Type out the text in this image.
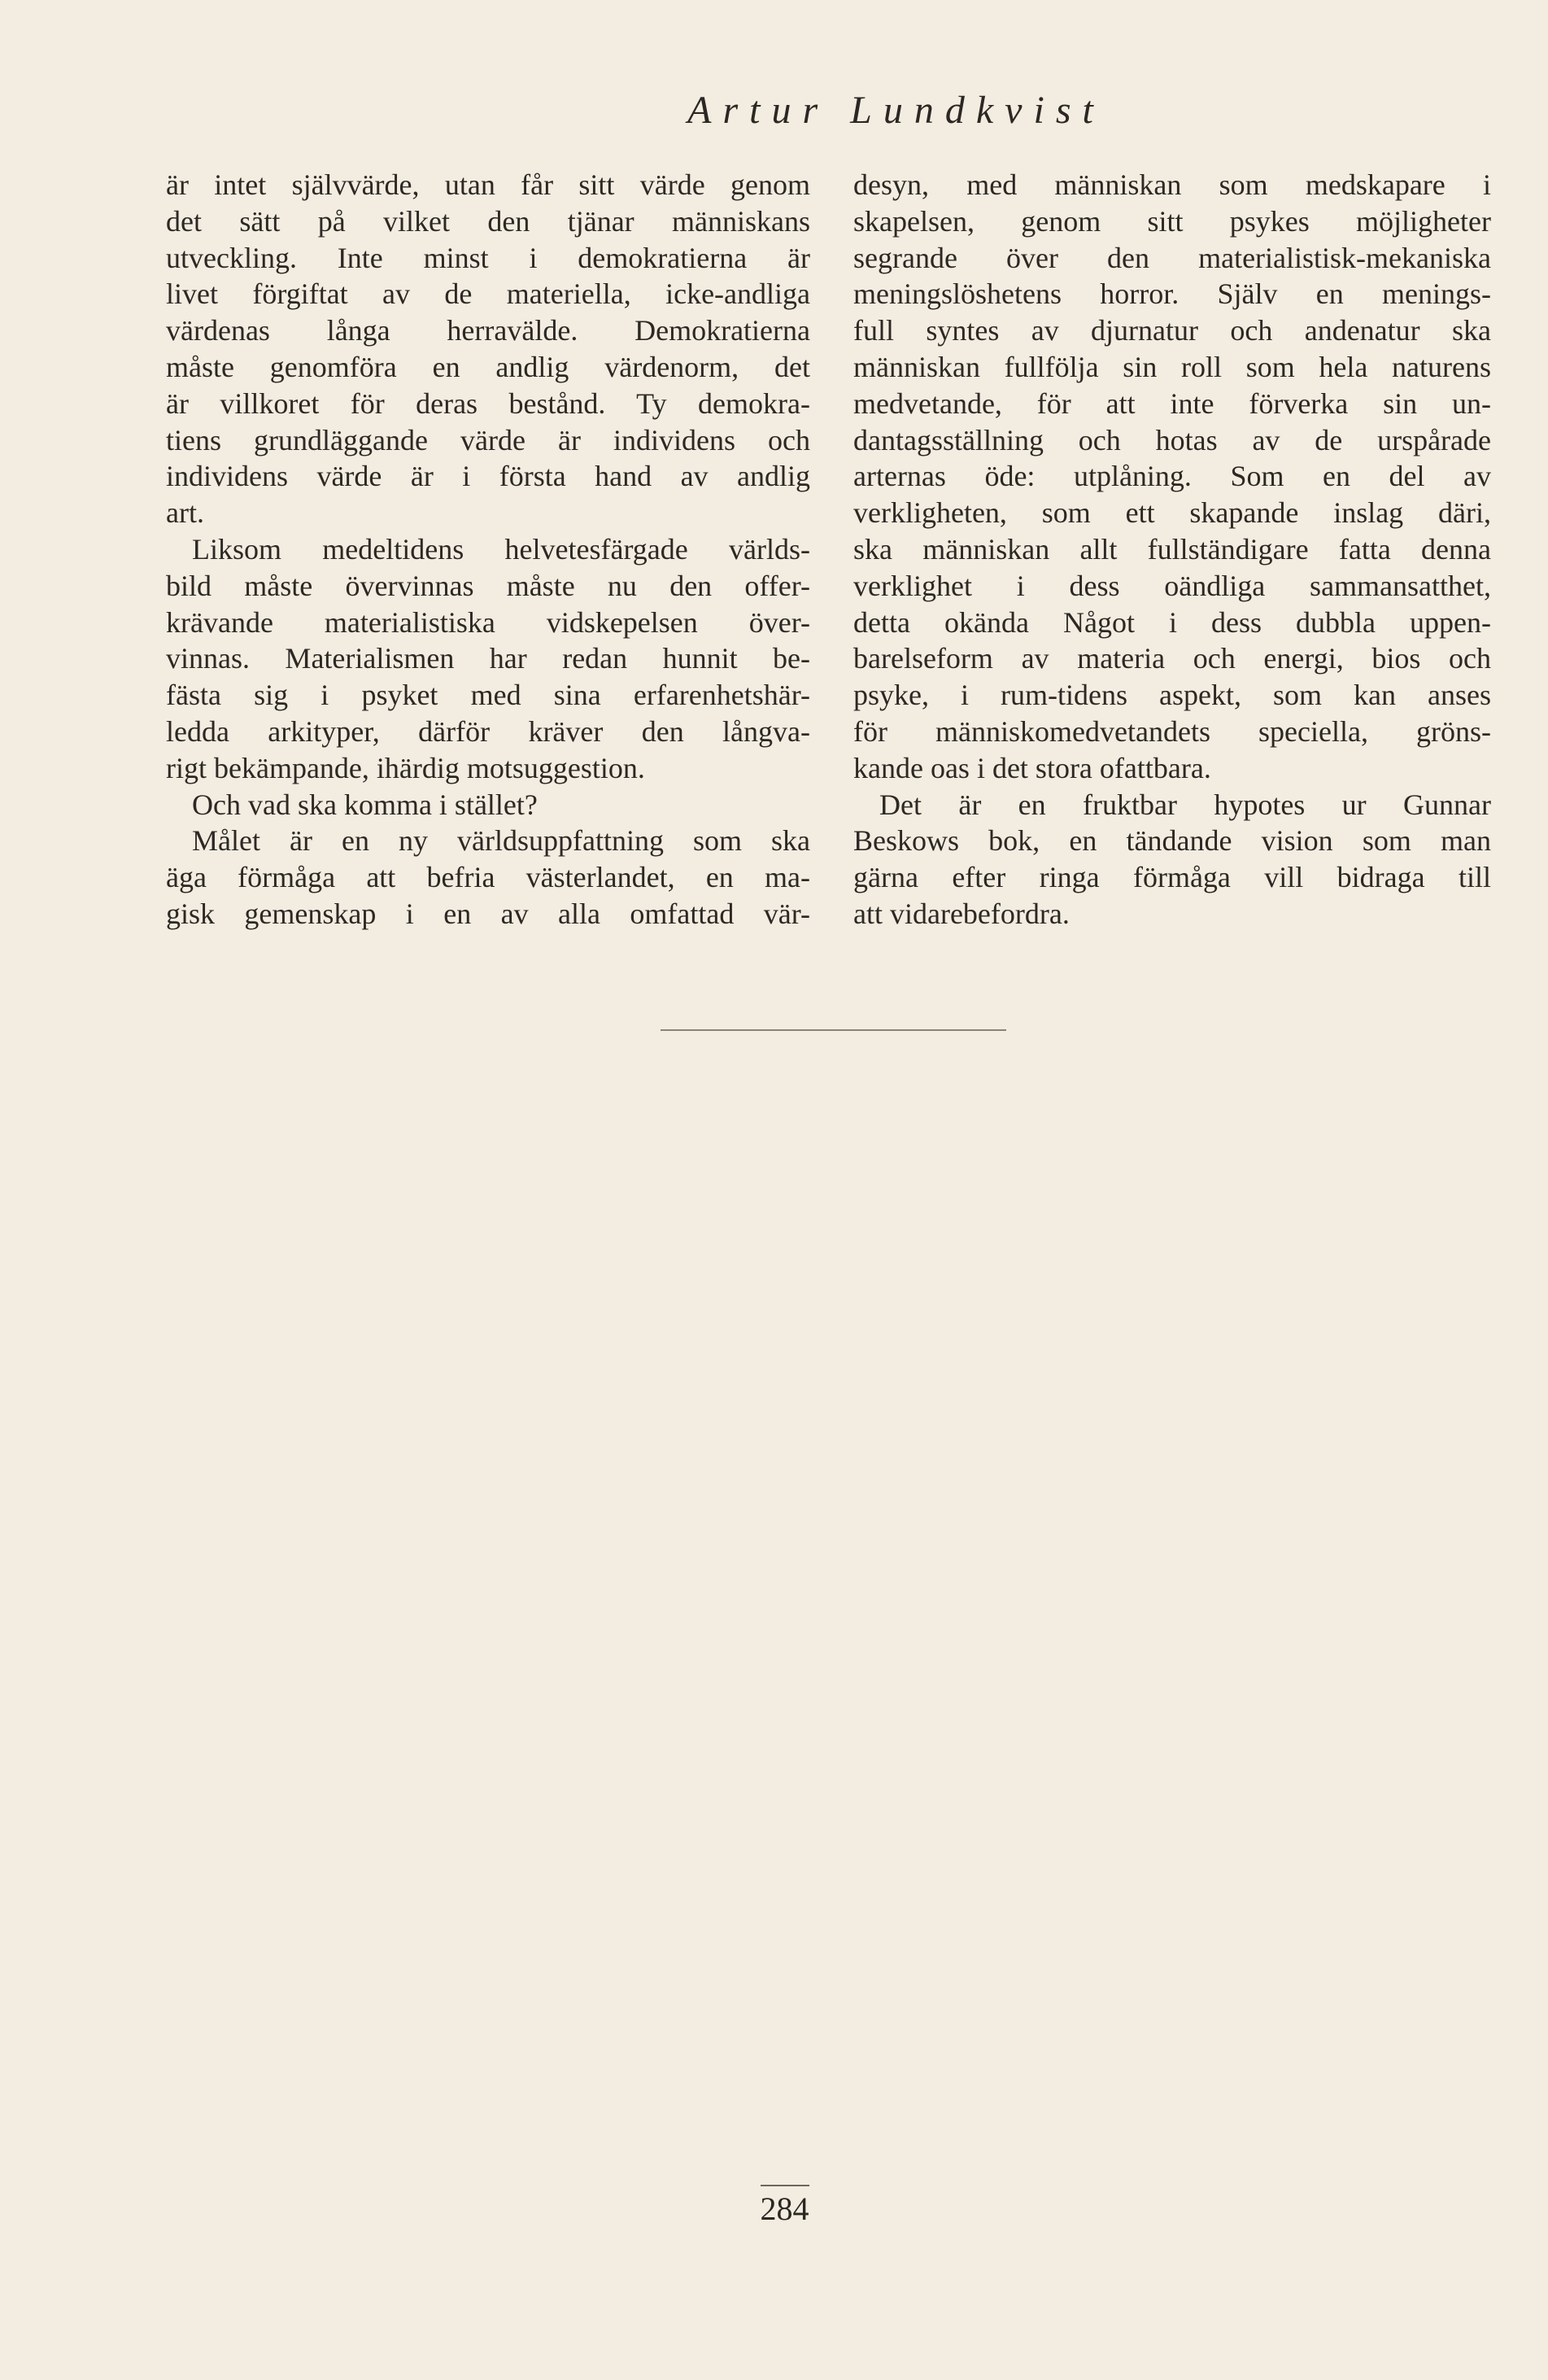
Artur Lundkvist
är intet självvärde, utan får sitt värde genom
det sätt på vilket den tjänar människans
utveckling. Inte minst i demokratierna är
livet förgiftat av de materiella, icke-andliga
värdenas långa herravälde. Demokratierna
måste genomföra en andlig värdenorm, det
är villkoret för deras bestånd. Ty demokra-
tiens grundläggande värde är individens och
individens värde är i första hand av andlig
art.
Liksom medeltidens helvetesfärgade världs-
bild måste övervinnas måste nu den offer-
krävande materialistiska vidskepelsen över-
vinnas. Materialismen har redan hunnit be-
fästa sig i psyket med sina erfarenhetshär-
ledda arkityper, därför kräver den långva-
rigt bekämpande, ihärdig motsuggestion.
Och vad ska komma i stället?
Målet är en ny världsuppfattning som ska
äga förmåga att befria västerlandet, en ma-
gisk gemenskap i en av alla omfattad vär-
desyn, med människan som medskapare i
skapelsen, genom sitt psykes möjligheter
segrande över den materialistisk-mekaniska
meningslöshetens horror. Själv en menings-
full syntes av djurnatur och andenatur ska
människan fullfölja sin roll som hela naturens
medvetande, för att inte förverka sin un-
dantagsställning och hotas av de urspårade
arternas öde: utplåning. Som en del av
verkligheten, som ett skapande inslag däri,
ska människan allt fullständigare fatta denna
verklighet i dess oändliga sammansatthet,
detta okända Något i dess dubbla uppen-
barelseform av materia och energi, bios och
psyke, i rum-tidens aspekt, som kan anses
för människomedvetandets speciella, gröns-
kande oas i det stora ofattbara.
Det är en fruktbar hypotes ur Gunnar
Beskows bok, en tändande vision som man
gärna efter ringa förmåga vill bidraga till
att vidarebefordra.
284
